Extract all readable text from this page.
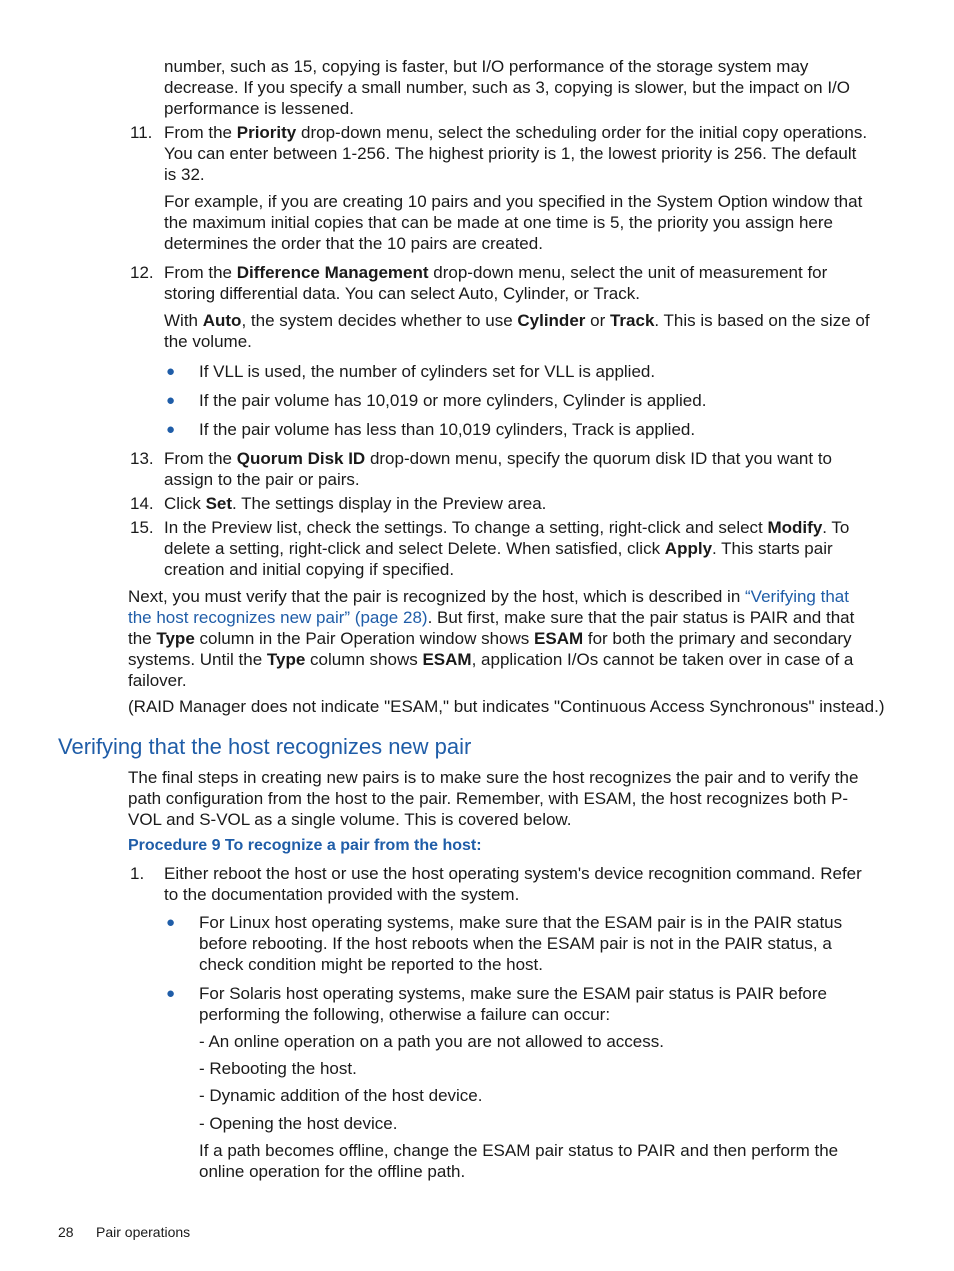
number, such as 15, copying is faster, but I/O performance of the storage system may decrease. If you specify a small number, such as 3, copying is slower, but the impact on I/O performance is lessened.

11. From the Priority drop-down menu, select the scheduling order for the initial copy operations. You can enter between 1-256. The highest priority is 1, the lowest priority is 256. The default is 32.

For example, if you are creating 10 pairs and you specified in the System Option window that the maximum initial copies that can be made at one time is 5, the priority you assign here determines the order that the 10 pairs are created.

12. From the Difference Management drop-down menu, select the unit of measurement for storing differential data. You can select Auto, Cylinder, or Track.

With Auto, the system decides whether to use Cylinder or Track. This is based on the size of the volume.

● If VLL is used, the number of cylinders set for VLL is applied.

● If the pair volume has 10,019 or more cylinders, Cylinder is applied.

● If the pair volume has less than 10,019 cylinders, Track is applied.

13. From the Quorum Disk ID drop-down menu, specify the quorum disk ID that you want to assign to the pair or pairs.

14. Click Set. The settings display in the Preview area.

15. In the Preview list, check the settings. To change a setting, right-click and select Modify. To delete a setting, right-click and select Delete. When satisfied, click Apply. This starts pair creation and initial copying if specified.

Next, you must verify that the pair is recognized by the host, which is described in “Verifying that the host recognizes new pair” (page 28). But first, make sure that the pair status is PAIR and that the Type column in the Pair Operation window shows ESAM for both the primary and secondary systems. Until the Type column shows ESAM, application I/Os cannot be taken over in case of a failover.

(RAID Manager does not indicate "ESAM," but indicates "Continuous Access Synchronous" instead.)

Verifying that the host recognizes new pair

The final steps in creating new pairs is to make sure the host recognizes the pair and to verify the path configuration from the host to the pair. Remember, with ESAM, the host recognizes both P-VOL and S-VOL as a single volume. This is covered below.

Procedure 9 To recognize a pair from the host:
1. Either reboot the host or use the host operating system's device recognition command. Refer to the documentation provided with the system.

● For Linux host operating systems, make sure that the ESAM pair is in the PAIR status before rebooting. If the host reboots when the ESAM pair is not in the PAIR status, a check condition might be reported to the host.

● For Solaris host operating systems, make sure the ESAM pair status is PAIR before performing the following, otherwise a failure can occur:

- An online operation on a path you are not allowed to access.

- Rebooting the host.

- Dynamic addition of the host device.

- Opening the host device.

If a path becomes offline, change the ESAM pair status to PAIR and then perform the online operation for the offline path.

28 Pair operations
